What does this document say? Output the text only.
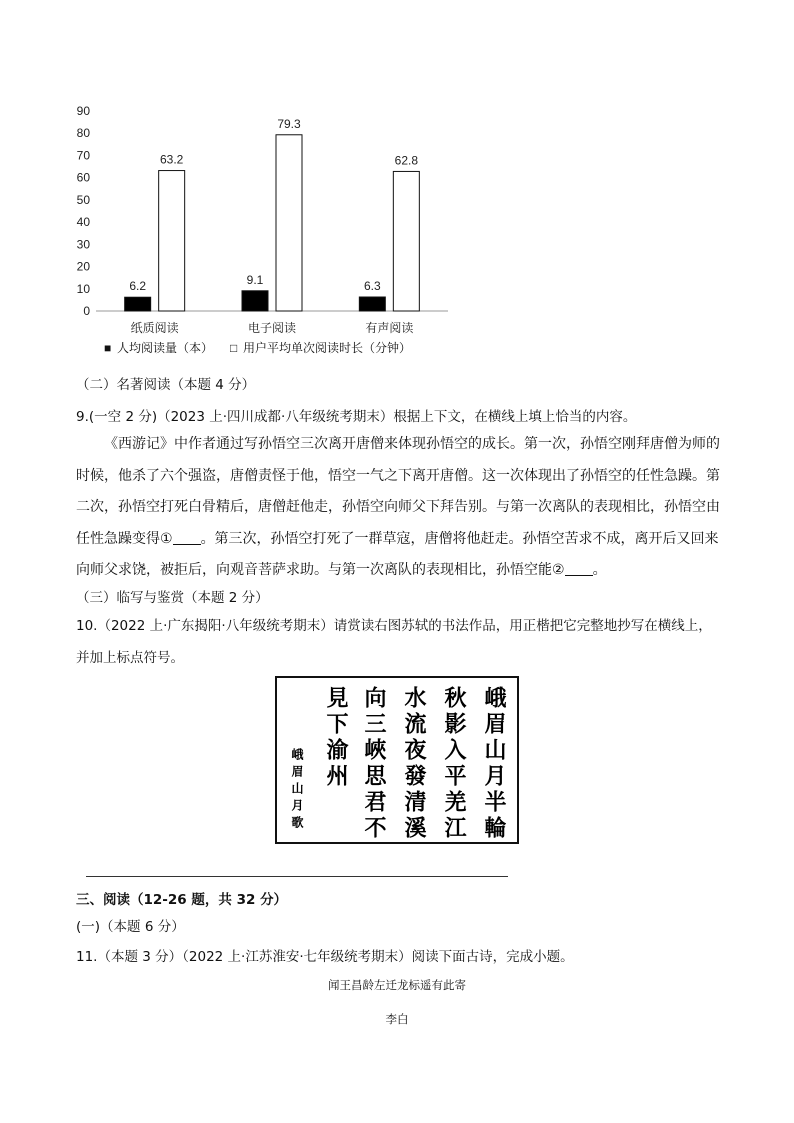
0
10
20
30
40
50
60
70
80
90
6.2
63.2
9.1
79.3
6.3
62.8
纸质阅读	电子阅读	有声阅读
■ 人均阅读量（本） □ 用户平均单次阅读时长（分钟）
（二）名著阅读（本题 4 分）
9.(一空 2 分)（2023 上·四川成都·八年级统考期末）根据上下文，在横线上填上恰当的内容。
《西游记》中作者通过写孙悟空三次离开唐僧来体现孙悟空的成长。第一次，孙悟空刚拜唐僧为师的时候，他杀了六个强盗，唐僧责怪于他，悟空一气之下离开唐僧。这一次体现出了孙悟空的任性急躁。第二次，孙悟空打死白骨精后，唐僧赶他走，孙悟空向师父下拜告别。与第一次离队的表现相比，孙悟空由任性急躁变得① 。第三次，孙悟空打死了一群草寇，唐僧将他赶走。孙悟空苦求不成，离开后又回来向师父求饶，被拒后，向观音菩萨求助。与第一次离队的表现相比，孙悟空能② 。
（三）临写与鉴赏（本题 2 分）
10.（2022 上·广东揭阳·八年级统考期末）请赏读右图苏轼的书法作品，用正楷把它完整地抄写在横线上，
并加上标点符号。
峨眉山月半輪
秋影入平羌江
水流夜發清溪
向三峽思君不
見下渝州
峨眉山月歌
三、阅读（12-26 题，共 32 分）
(一)（本题 6 分）
11.（本题 3 分）（2022 上·江苏淮安·七年级统考期末）阅读下面古诗，完成小题。
闻王昌龄左迁龙标遥有此寄
李白
